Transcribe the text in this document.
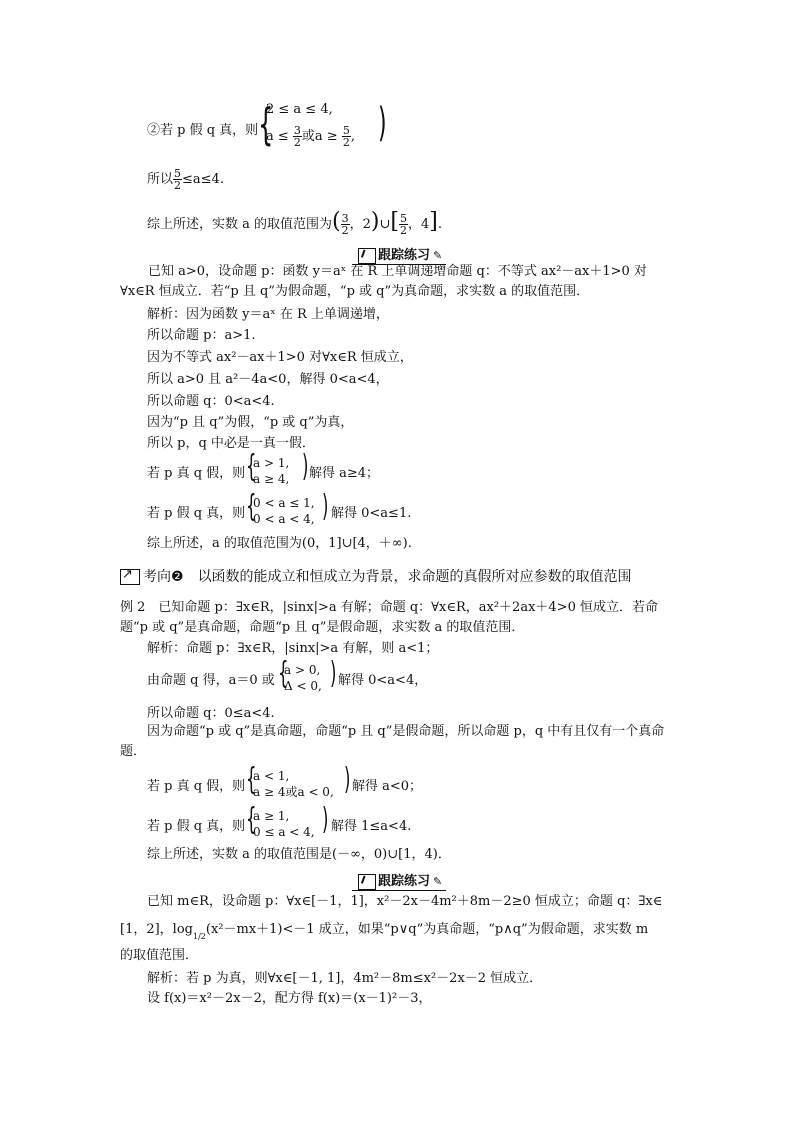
②若 p 假 q 真，则 {
2 ≤ a ≤ 4,
$a \le \frac{3}{2}$ 或$a \ge \frac{5}{2}$ , )
所以 $\frac{5}{2} \le a\le 4$.
综上所述，实数 a 的取值范围为( $\frac{3}{2}$ ，2)∪[ $\frac{5}{2}$ ，4].
跟踪练习 ✎
已知 a>0，设命题 p：函数 y＝aˣ 在 R 上单调递增命题 q：不等式 ax²－ax＋1>0 对∀x∈R 恒成立．若“p 且 q”为假命题，“p 或 q”为真命题，求实数 a 的取值范围．
解析：因为函数 y＝aˣ 在 R 上单调递增，
所以命题 p：a>1.
因为不等式 ax²－ax＋1>0 对∀x∈R 恒成立，
所以 a>0 且 a²－4a<0，解得 0<a<4，
所以命题 q：0<a<4.
因为“p 且 q”为假，“p 或 q”为真，
所以 p，q 中必是一真一假．
若 p 真 q 假，则 {
a > 1,
a ≥ 4, ) 解得 a≥4；
若 p 假 q 真，则 {
0 < a ≤ 1,
0 < a < 4, ) 解得 0<a≤1.
综上所述，a 的取值范围为(0，1]∪[4，＋∞).
↗考向❷　 以函数的能成立和恒成立为背景，求命题的真假所对应参数的取值范围
例 2　已知命题 p：∃x∈R，|sinx|>a 有解；命题 q：∀x∈R，ax²＋2ax＋4>0 恒成立．若命题“p 或 q”是真命题，命题“p 且 q”是假命题，求实数 a 的取值范围．
解析：命题 p：∃x∈R，|sinx|>a 有解，则 a<1；
由命题 q 得，a＝0 或 {
a > 0,
Δ < 0, ) 解得 0<a<4，
所以命题 q：0≤a<4.
因为命题“p 或 q”是真命题，命题“p 且 q”是假命题，所以命题 p，q 中有且仅有一个真命题．
若 p 真 q 假，则 {
a < 1,
a ≥ 4或a < 0, ) 解得 a<0；
若 p 假 q 真，则 {
a ≥ 1,
0 ≤ a < 4, ) 解得 1≤a<4.
综上所述，实数 a 的取值范围是(－∞，0)∪[1，4)．
跟踪练习 ✎
已知 m∈R，设命题 p：∀x∈[－1，1]，x²－2x－4m²＋8m－2≥0 恒成立；命题 q：∃x∈
[1，2]，$\log_{1/2}(x^2-mx+1)<-1$ 成立，如果“p∨q”为真命题，“p∧q”为假命题，求实数 m
的取值范围．
解析：若 p 为真，则∀x∈[－1, 1]，4m²－8m≤x²－2x－2 恒成立．
设 f(x)＝x²－2x－2，配方得 f(x)＝(x－1)²－3，
